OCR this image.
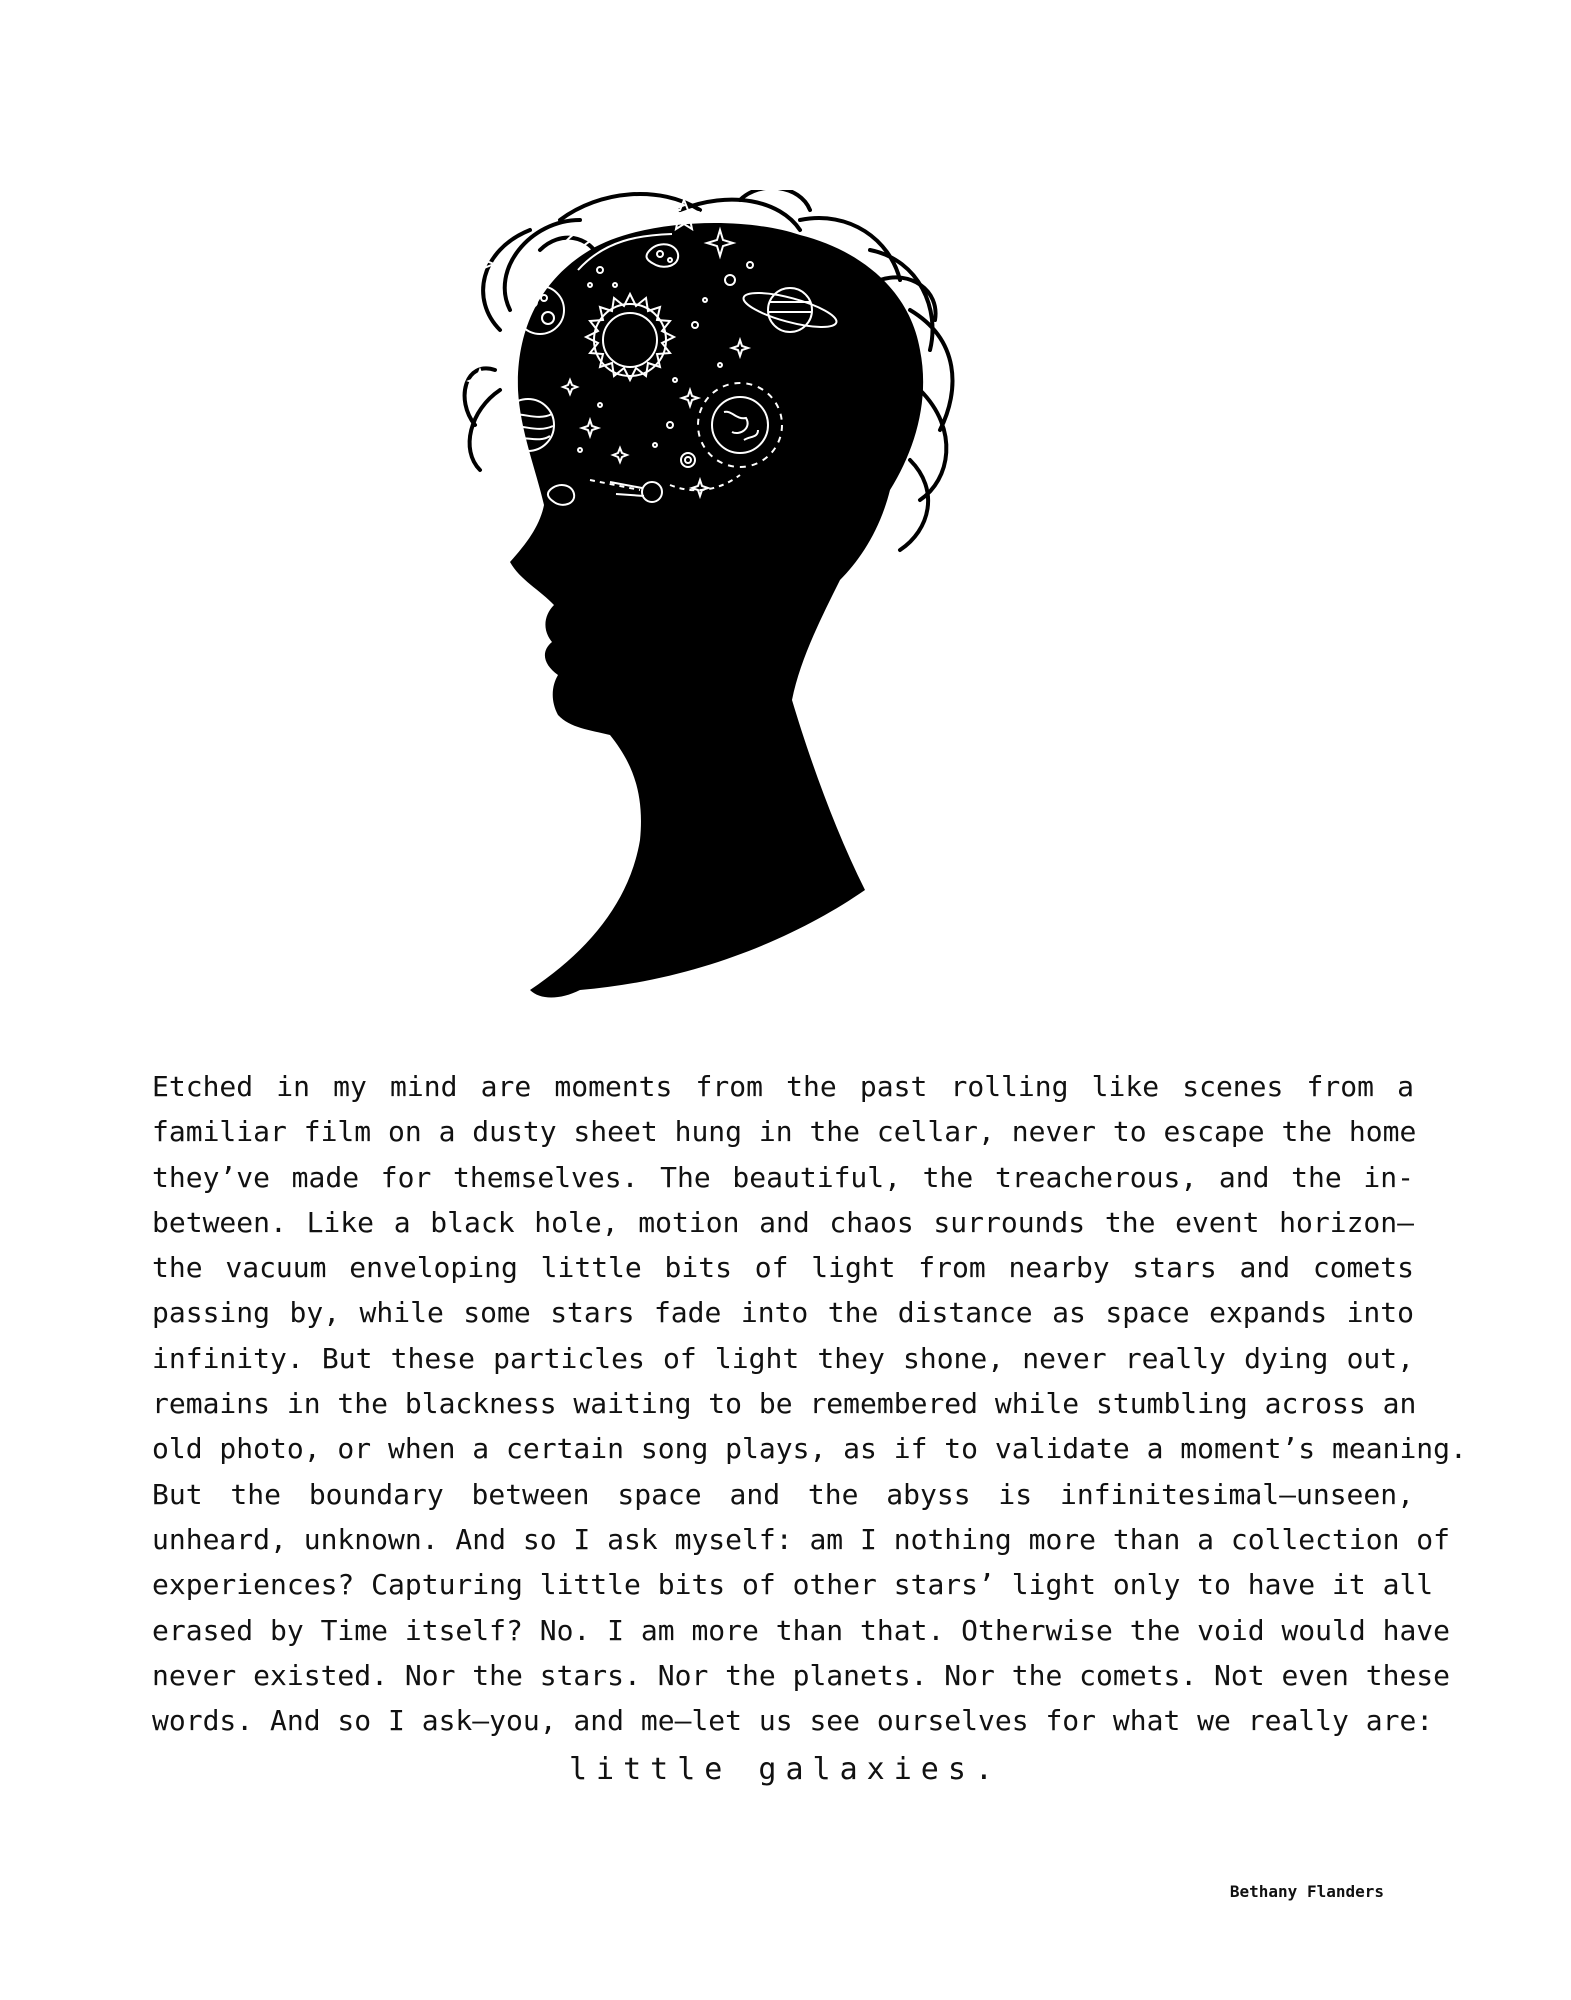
Etched in my mind are moments from the past rolling like scenes from a
familiar film on a dusty sheet hung in the cellar, never to escape the home
they’ve made for themselves. The beautiful, the treacherous, and the in-
between. Like a black hole, motion and chaos surrounds the event horizon—
the vacuum enveloping little bits of light from nearby stars and comets
passing by, while some stars fade into the distance as space expands into
infinity. But these particles of light they shone, never really dying out,
remains in the blackness waiting to be remembered while stumbling across an
old photo, or when a certain song plays, as if to validate a moment’s meaning.
But the boundary between space and the abyss is infinitesimal—unseen,
unheard, unknown. And so I ask myself: am I nothing more than a collection of
experiences? Capturing little bits of other stars’ light only to have it all
erased by Time itself? No. I am more than that. Otherwise the void would have
never existed. Nor the stars. Nor the planets. Nor the comets. Not even these
words. And so I ask—you, and me—let us see ourselves for what we really are:
little galaxies.
Bethany Flanders
